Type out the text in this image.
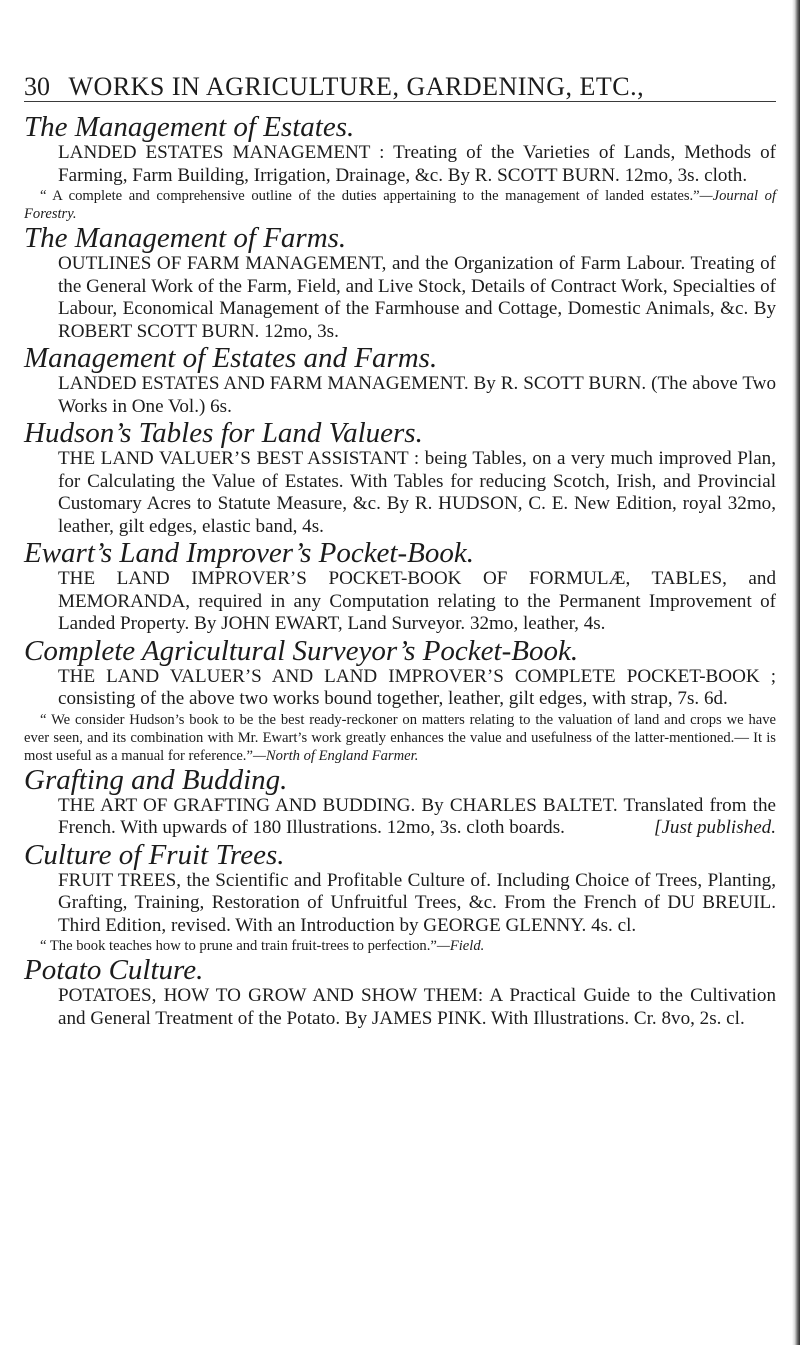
30 WORKS IN AGRICULTURE, GARDENING, ETC.,
The Management of Estates.

LANDED ESTATES MANAGEMENT : Treating of the Varieties of Lands, Methods of Farming, Farm Building, Irrigation, Drainage, &c. By R. SCOTT BURN. 12mo, 3s. cloth.

“ A complete and comprehensive outline of the duties appertaining to the management of landed estates.”—Journal of Forestry.

The Management of Farms.

OUTLINES OF FARM MANAGEMENT, and the Organization of Farm Labour. Treating of the General Work of the Farm, Field, and Live Stock, Details of Contract Work, Specialties of Labour, Economical Management of the Farmhouse and Cottage, Domestic Animals, &c. By ROBERT SCOTT BURN. 12mo, 3s.

Management of Estates and Farms.

LANDED ESTATES AND FARM MANAGEMENT. By R. SCOTT BURN. (The above Two Works in One Vol.) 6s.

Hudson’s Tables for Land Valuers.

THE LAND VALUER’S BEST ASSISTANT : being Tables, on a very much improved Plan, for Calculating the Value of Estates. With Tables for reducing Scotch, Irish, and Provincial Customary Acres to Statute Measure, &c. By R. HUDSON, C. E. New Edition, royal 32mo, leather, gilt edges, elastic band, 4s.

Ewart’s Land Improver’s Pocket-Book.

THE LAND IMPROVER’S POCKET-BOOK OF FORMULÆ, TABLES, and MEMORANDA, required in any Computation relating to the Permanent Improvement of Landed Property. By JOHN EWART, Land Surveyor. 32mo, leather, 4s.

Complete Agricultural Surveyor’s Pocket-Book.

THE LAND VALUER’S AND LAND IMPROVER’S COMPLETE POCKET-BOOK ; consisting of the above two works bound together, leather, gilt edges, with strap, 7s. 6d.

“ We consider Hudson’s book to be the best ready-reckoner on matters relating to the valuation of land and crops we have ever seen, and its combination with Mr. Ewart’s work greatly enhances the value and usefulness of the latter-mentioned.— It is most useful as a manual for reference.”—North of England Farmer.

Grafting and Budding.

THE ART OF GRAFTING AND BUDDING. By CHARLES BALTET. Translated from the French. With upwards of 180 Illustrations. 12mo, 3s. cloth boards.	[Just published.

Culture of Fruit Trees.

FRUIT TREES, the Scientific and Profitable Culture of. Including Choice of Trees, Planting, Grafting, Training, Restoration of Unfruitful Trees, &c. From the French of DU BREUIL. Third Edition, revised. With an Introduction by GEORGE GLENNY. 4s. cl.

“ The book teaches how to prune and train fruit-trees to perfection.”—Field.

Potato Culture.

POTATOES, HOW TO GROW AND SHOW THEM: A Practical Guide to the Cultivation and General Treatment of the Potato. By JAMES PINK. With Illustrations. Cr. 8vo, 2s. cl.
